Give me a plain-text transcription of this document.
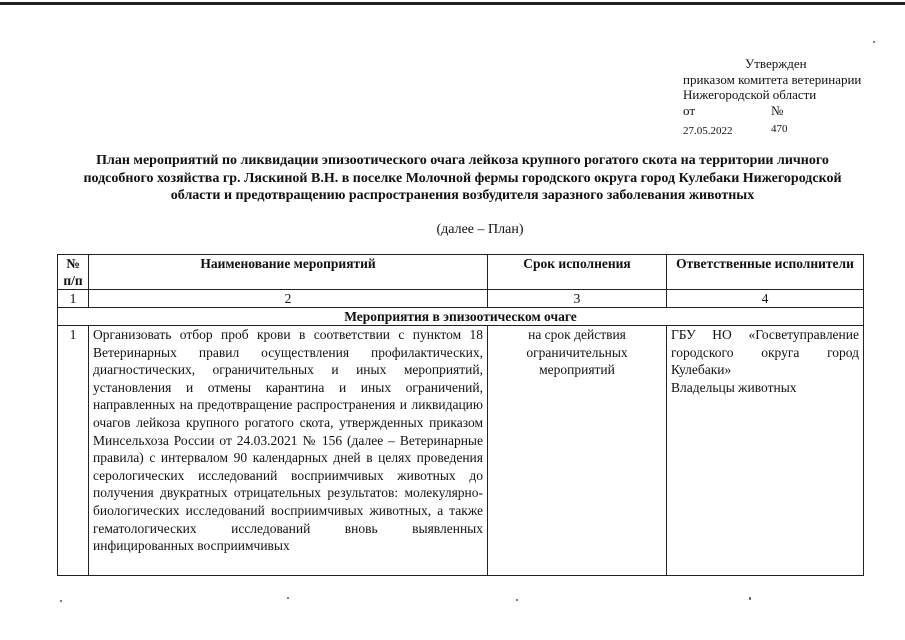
Утвержден
приказом комитета ветеринарии
Нижегородской области
от	№
27.05.2022	470
План мероприятий по ликвидации эпизоотического очага лейкоза крупного рогатого скота на территории личного
подсобного хозяйства гр. Ляскиной В.Н. в поселке Молочной фермы городского округа город Кулебаки Нижегородской
области и предотвращению распространения возбудителя заразного заболевания животных
(далее – План)
№ п/п	Наименование мероприятий	Срок исполнения	Ответственные исполнители
1	2	3	4
Мероприятия в эпизоотическом очаге			
1	Организовать отбор проб крови в соответствии с пунктом 18 Ветеринарных правил осуществления профилактических, диагностических, ограничительных и иных мероприятий, установления и отмены карантина и иных ограничений, направленных на предотвращение распространения и ликвидацию очагов лейкоза крупного рогатого скота, утвержденных приказом Минсельхоза России от 24.03.2021 № 156 (далее – Ветеринарные правила) с интервалом 90 календарных дней в целях проведения серологических исследований восприимчивых животных до получения двукратных отрицательных результатов: молекулярно-биологических исследований восприимчивых животных, а также гематологических исследований вновь выявленных инфицированных восприимчивых	на срок действия ограничительных мероприятий	ГБУ НО «Госветуправление городского округа город Кулебаки»
Владельцы животных
